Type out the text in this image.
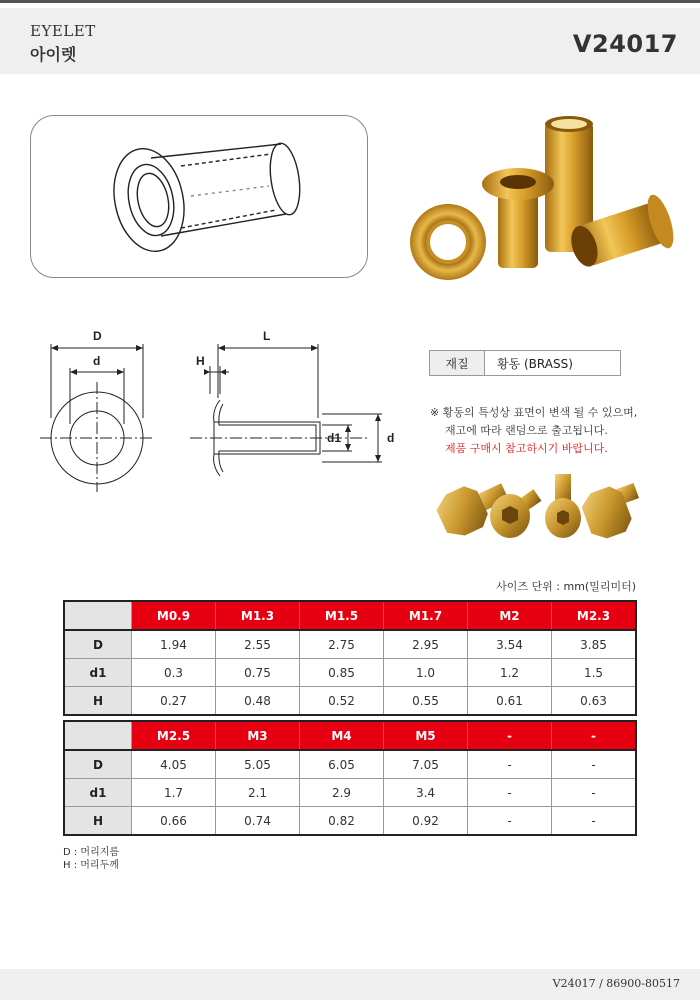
EYELET
아이렛	V24017
D
d
L
H
d1	d
재질	황동 (BRASS)
※ 황동의 특성상 표면이 변색 될 수 있으며,
재고에 따라 랜덤으로 출고됩니다.
제품 구매시 참고하시기 바랍니다.
사이즈 단위 : mm(밀리미터)
	M0.9	M1.3	M1.5	M1.7	M2	M2.3
D	1.94	2.55	2.75	2.95	3.54	3.85
d1	0.3	0.75	0.85	1.0	1.2	1.5
H	0.27	0.48	0.52	0.55	0.61	0.63
	M2.5	M3	M4	M5	-	-
D	4.05	5.05	6.05	7.05	-	-
d1	1.7	2.1	2.9	3.4	-	-
H	0.66	0.74	0.82	0.92	-	-
D : 머리지름
H : 머리두께
V24017 / 86900-80517
